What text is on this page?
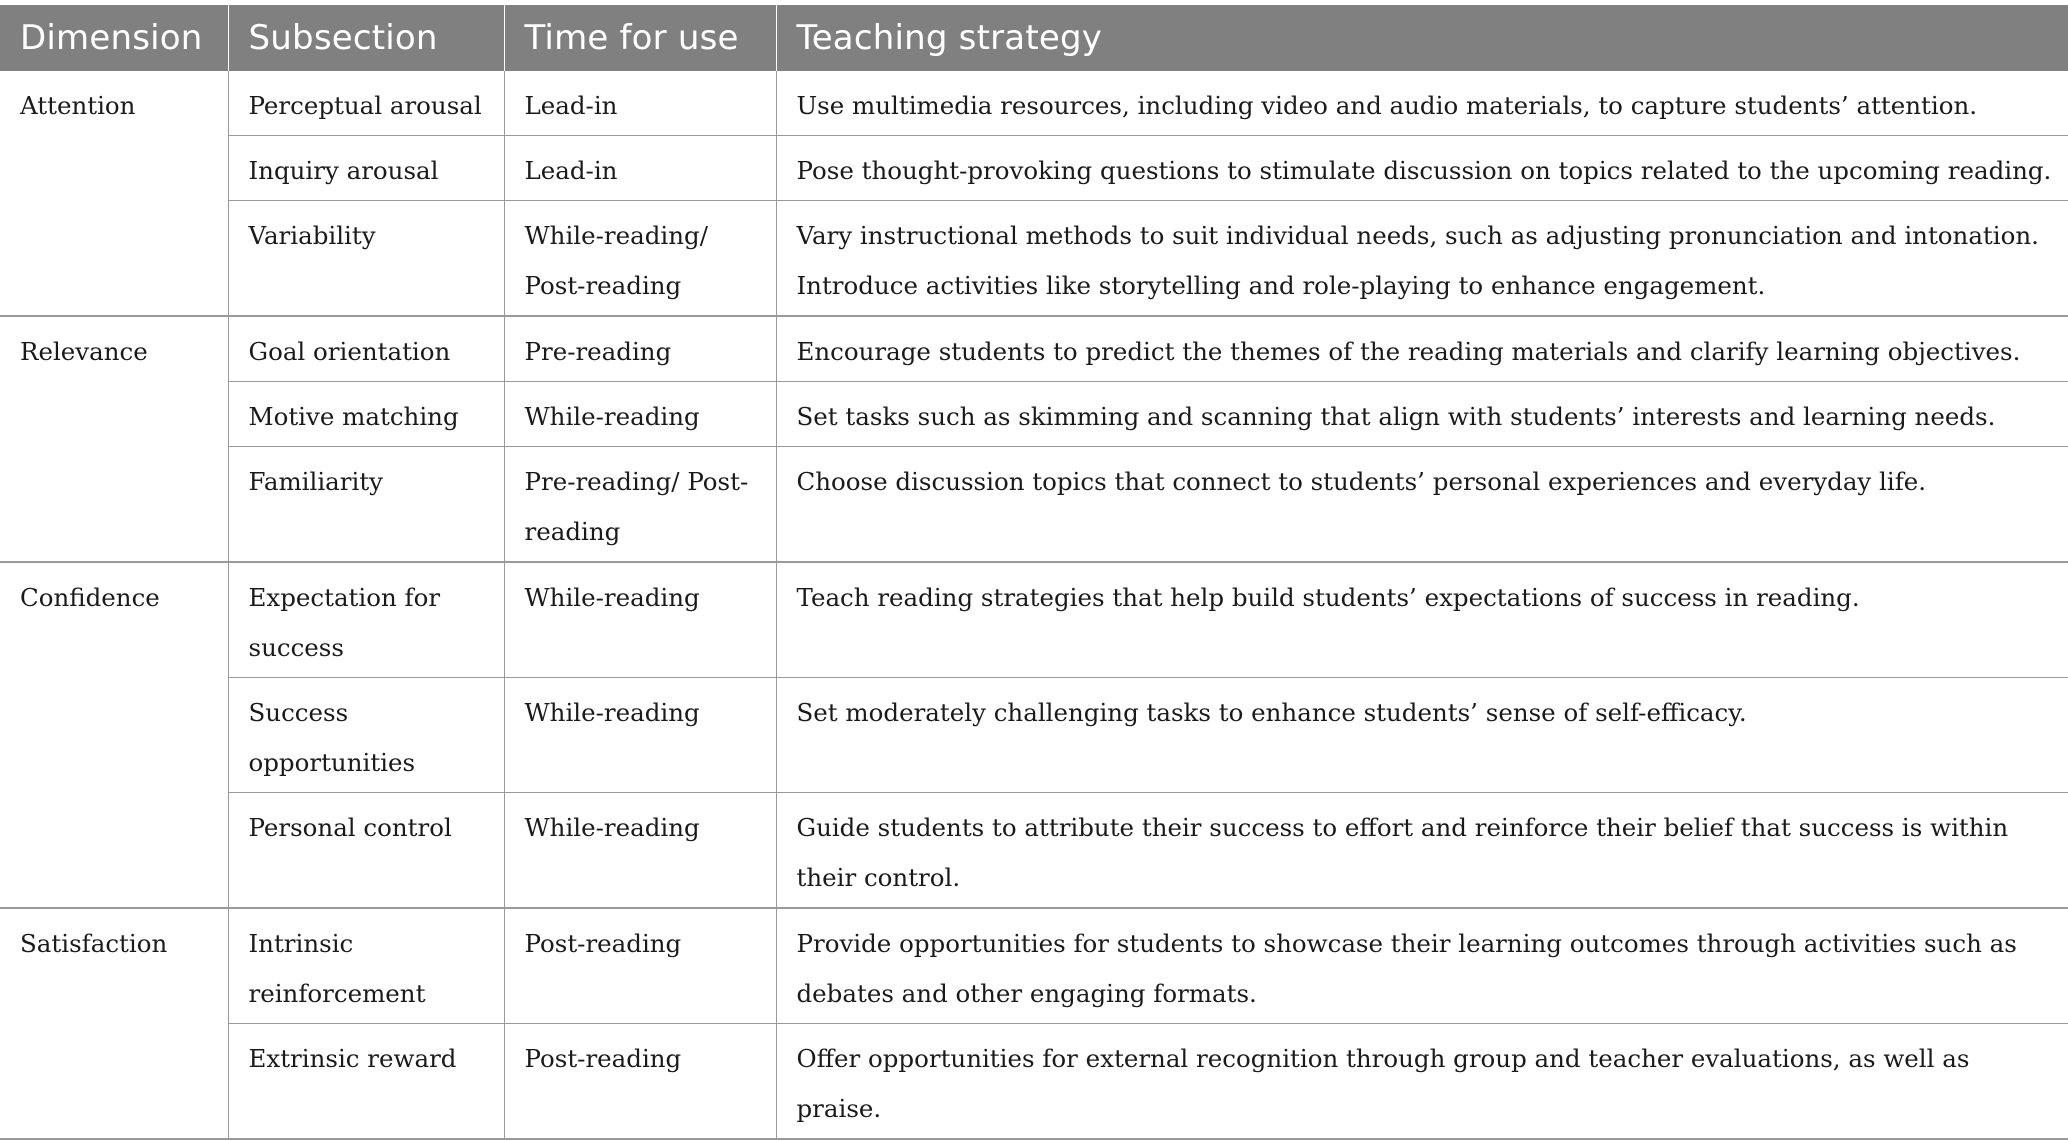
Dimension	Subsection	Time for use	Teaching strategy
Attention	Perceptual arousal	Lead-in	Use multimedia resources, including video and audio materials, to capture students’ attention.
	Inquiry arousal	Lead-in	Pose thought-provoking questions to stimulate discussion on topics related to the upcoming reading.
	Variability	While-reading/ Post-reading	Vary instructional methods to suit individual needs, such as adjusting pronunciation and intonation. Introduce activities like storytelling and role-playing to enhance engagement.
Relevance	Goal orientation	Pre-reading	Encourage students to predict the themes of the reading materials and clarify learning objectives.
	Motive matching	While-reading	Set tasks such as skimming and scanning that align with students’ interests and learning needs.
	Familiarity	Pre-reading/ Post-reading	Choose discussion topics that connect to students’ personal experiences and everyday life.
Confidence	Expectation for success	While-reading	Teach reading strategies that help build students’ expectations of success in reading.
	Success opportunities	While-reading	Set moderately challenging tasks to enhance students’ sense of self-efficacy.
	Personal control	While-reading	Guide students to attribute their success to effort and reinforce their belief that success is within their control.
Satisfaction	Intrinsic reinforcement	Post-reading	Provide opportunities for students to showcase their learning outcomes through activities such as debates and other engaging formats.
	Extrinsic reward	Post-reading	Offer opportunities for external recognition through group and teacher evaluations, as well as praise.
